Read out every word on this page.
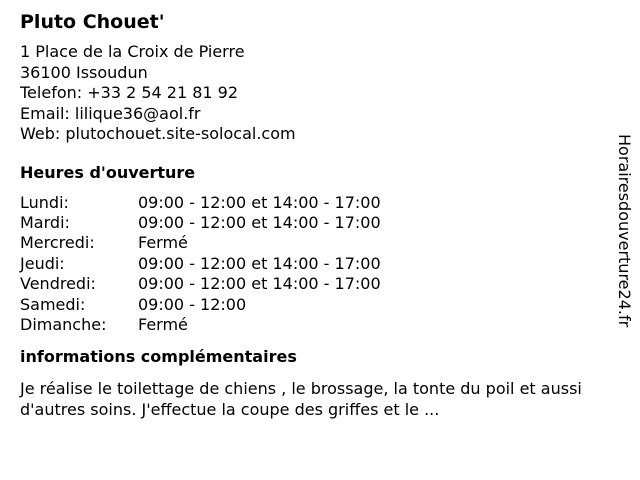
Pluto Chouet'
1 Place de la Croix de Pierre
36100 Issoudun
Telefon: +33 2 54 21 81 92
Email: lilique36@aol.fr
Web: plutochouet.site-solocal.com
Heures d'ouverture
Lundi:	09:00 - 12:00 et 14:00 - 17:00
Mardi:	09:00 - 12:00 et 14:00 - 17:00
Mercredi:	Fermé
Jeudi:	09:00 - 12:00 et 14:00 - 17:00
Vendredi:	09:00 - 12:00 et 14:00 - 17:00
Samedi:	09:00 - 12:00
Dimanche: Fermé
informations complémentaires
Je réalise le toilettage de chiens , le brossage, la tonte du poil et aussi d'autres soins. J'effectue la coupe des griffes et le ...
Horairesdouverture24.fr
